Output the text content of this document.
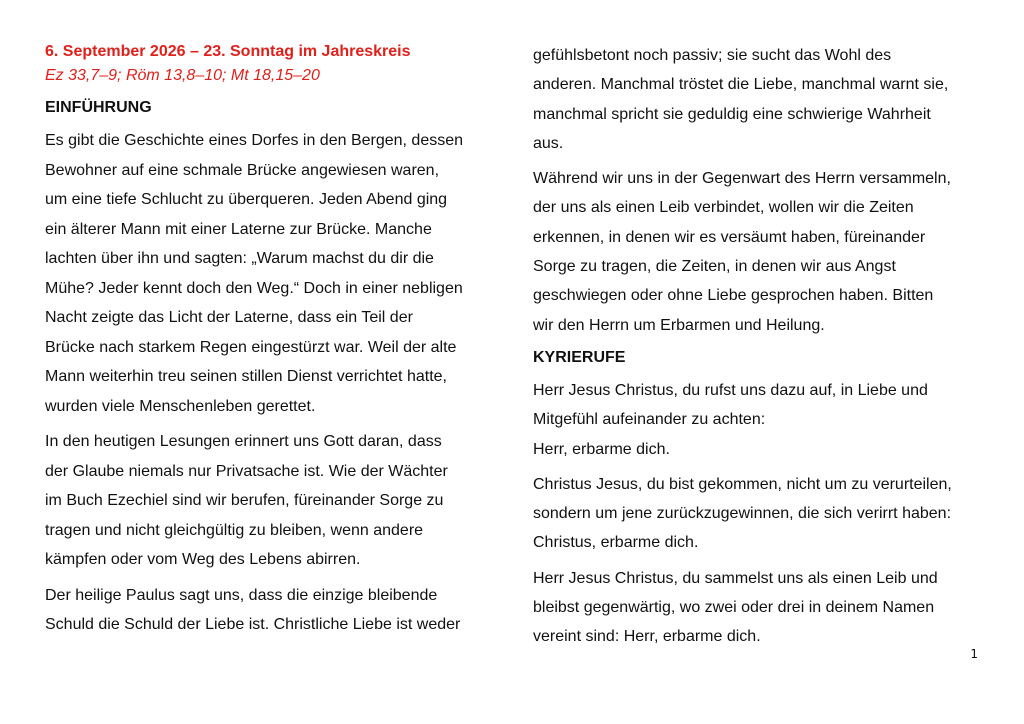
6. September 2026 – 23. Sonntag im Jahreskreis

Ez 33,7–9; Röm 13,8–10; Mt 18,15–20

EINFÜHRUNG

Es gibt die Geschichte eines Dorfes in den Bergen, dessen
Bewohner auf eine schmale Brücke angewiesen waren,
um eine tiefe Schlucht zu überqueren. Jeden Abend ging
ein älterer Mann mit einer Laterne zur Brücke. Manche
lachten über ihn und sagten: „Warum machst du dir die
Mühe? Jeder kennt doch den Weg.“ Doch in einer nebligen
Nacht zeigte das Licht der Laterne, dass ein Teil der
Brücke nach starkem Regen eingestürzt war. Weil der alte
Mann weiterhin treu seinen stillen Dienst verrichtet hatte,
wurden viele Menschenleben gerettet.

In den heutigen Lesungen erinnert uns Gott daran, dass
der Glaube niemals nur Privatsache ist. Wie der Wächter
im Buch Ezechiel sind wir berufen, füreinander Sorge zu
tragen und nicht gleichgültig zu bleiben, wenn andere
kämpfen oder vom Weg des Lebens abirren.

Der heilige Paulus sagt uns, dass die einzige bleibende
Schuld die Schuld der Liebe ist. Christliche Liebe ist weder

gefühlsbetont noch passiv; sie sucht das Wohl des
anderen. Manchmal tröstet die Liebe, manchmal warnt sie,
manchmal spricht sie geduldig eine schwierige Wahrheit
aus.

Während wir uns in der Gegenwart des Herrn versammeln,
der uns als einen Leib verbindet, wollen wir die Zeiten
erkennen, in denen wir es versäumt haben, füreinander
Sorge zu tragen, die Zeiten, in denen wir aus Angst
geschwiegen oder ohne Liebe gesprochen haben. Bitten
wir den Herrn um Erbarmen und Heilung.

KYRIERUFE

Herr Jesus Christus, du rufst uns dazu auf, in Liebe und
Mitgefühl aufeinander zu achten:
Herr, erbarme dich.

Christus Jesus, du bist gekommen, nicht um zu verurteilen,
sondern um jene zurückzugewinnen, die sich verirrt haben:
Christus, erbarme dich.

Herr Jesus Christus, du sammelst uns als einen Leib und
bleibst gegenwärtig, wo zwei oder drei in deinem Namen
vereint sind: Herr, erbarme dich.

1
